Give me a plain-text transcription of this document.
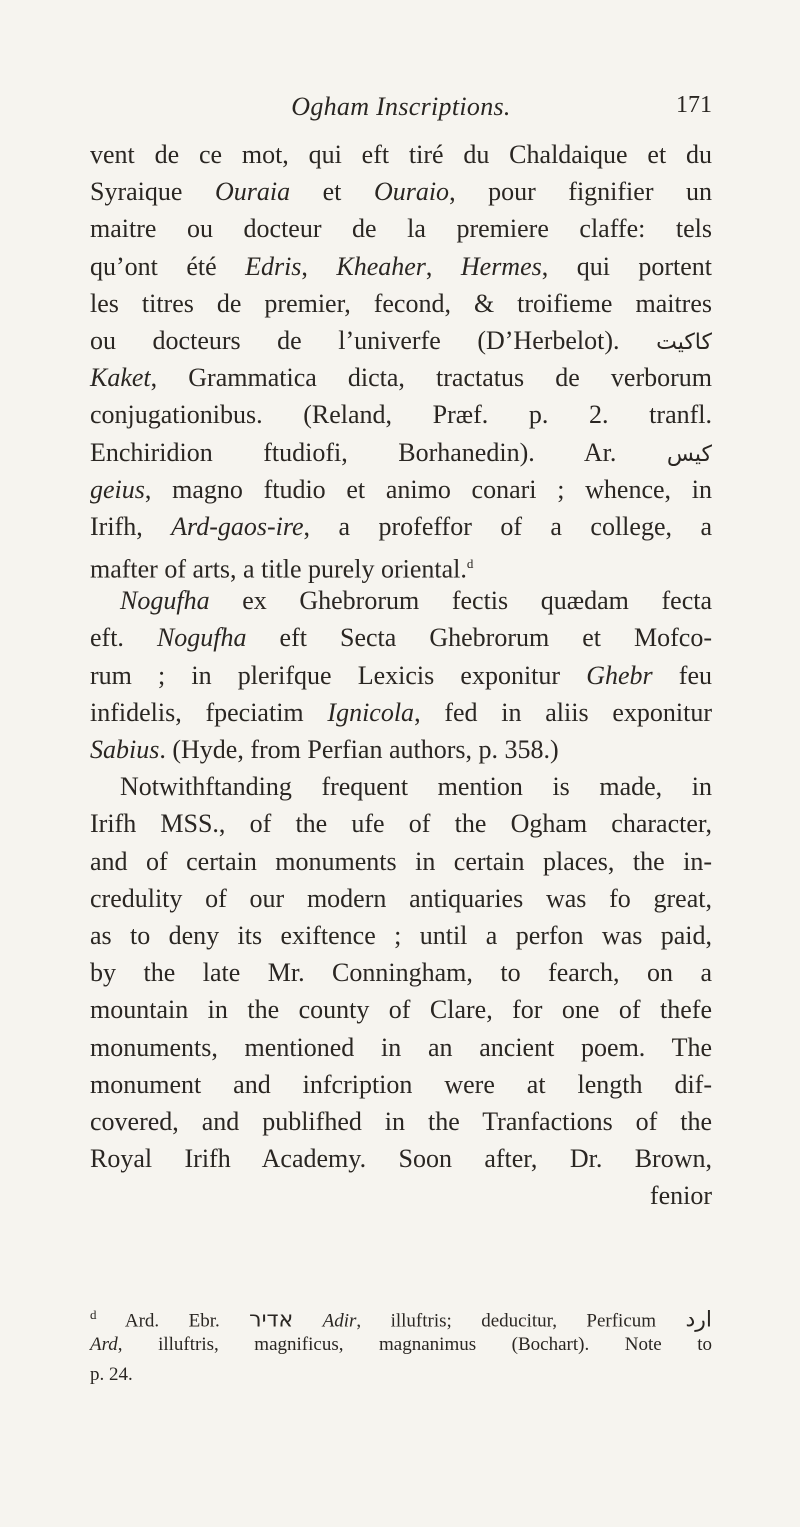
Ogham Inscriptions.	171
vent de ce mot, qui eft tiré du Chaldaique et du
Syraique Ouraia et Ouraio, pour fignifier un
maitre ou docteur de la premiere claffe: tels
qu’ont été Edris, Kheaher, Hermes, qui portent
les titres de premier, fecond, & troifieme maitres
ou docteurs de l’univerfe (D’Herbelot). كاكيت
Kaket, Grammatica dicta, tractatus de verborum
conjugationibus. (Reland, Præf. p. 2. tranfl.
Enchiridion ftudiofi, Borhanedin). Ar. كيس
geius, magno ftudio et animo conari ; whence, in
Irifh, Ard-gaos-ire, a profeffor of a college, a
mafter of arts, a title purely oriental.$^d$
Nogufha ex Ghebrorum fectis quædam fecta
eft. Nogufha eft Secta Ghebrorum et Mofco-
rum ; in plerifque Lexicis exponitur Ghebr feu
infidelis, fpeciatim Ignicola, fed in aliis exponitur
Sabius. (Hyde, from Perfian authors, p. 358.)
Notwithftanding frequent mention is made, in
Irifh MSS., of the ufe of the Ogham character,
and of certain monuments in certain places, the in-
credulity of our modern antiquaries was fo great,
as to deny its exiftence ; until a perfon was paid,
by the late Mr. Conningham, to fearch, on a
mountain in the county of Clare, for one of thefe
monuments, mentioned in an ancient poem. The
monument and infcription were at length dif-
covered, and publifhed in the Tranfactions of the
Royal Irifh Academy. Soon after, Dr. Brown,
fenior
$^d$ Ard. Ebr. אדיר Adir, illuftris; deducitur, Perficum ارد
Ard, illuftris, magnificus, magnanimus (Bochart). Note to
p. 24.
